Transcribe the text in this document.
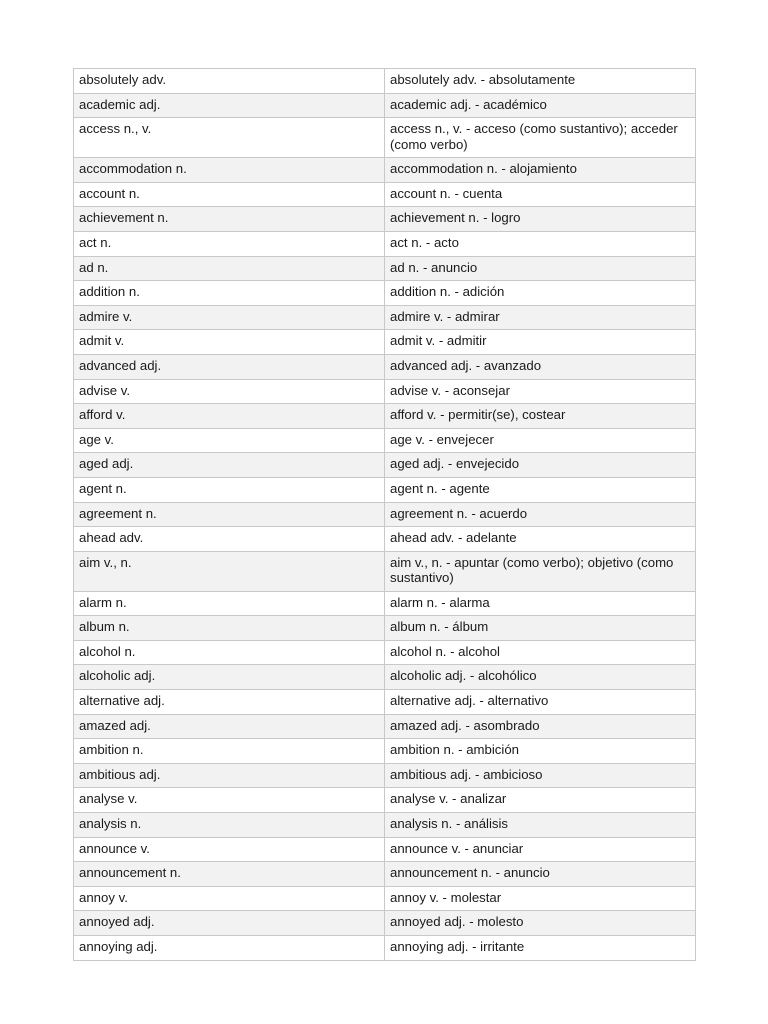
absolutely adv.	absolutely adv. - absolutamente
academic adj.	academic adj. - académico
access n., v.	access n., v. - acceso (como sustantivo); acceder (como verbo)
accommodation n.	accommodation n. - alojamiento
account n.	account n. - cuenta
achievement n.	achievement n. - logro
act n.	act n. - acto
ad n.	ad n. - anuncio
addition n.	addition n. - adición
admire v.	admire v. - admirar
admit v.	admit v. - admitir
advanced adj.	advanced adj. - avanzado
advise v.	advise v. - aconsejar
afford v.	afford v. - permitir(se), costear
age v.	age v. - envejecer
aged adj.	aged adj. - envejecido
agent n.	agent n. - agente
agreement n.	agreement n. - acuerdo
ahead adv.	ahead adv. - adelante
aim v., n.	aim v., n. - apuntar (como verbo); objetivo (como sustantivo)
alarm n.	alarm n. - alarma
album n.	album n. - álbum
alcohol n.	alcohol n. - alcohol
alcoholic adj.	alcoholic adj. - alcohólico
alternative adj.	alternative adj. - alternativo
amazed adj.	amazed adj. - asombrado
ambition n.	ambition n. - ambición
ambitious adj.	ambitious adj. - ambicioso
analyse v.	analyse v. - analizar
analysis n.	analysis n. - análisis
announce v.	announce v. - anunciar
announcement n.	announcement n. - anuncio
annoy v.	annoy v. - molestar
annoyed adj.	annoyed adj. - molesto
annoying adj.	annoying adj. - irritante
